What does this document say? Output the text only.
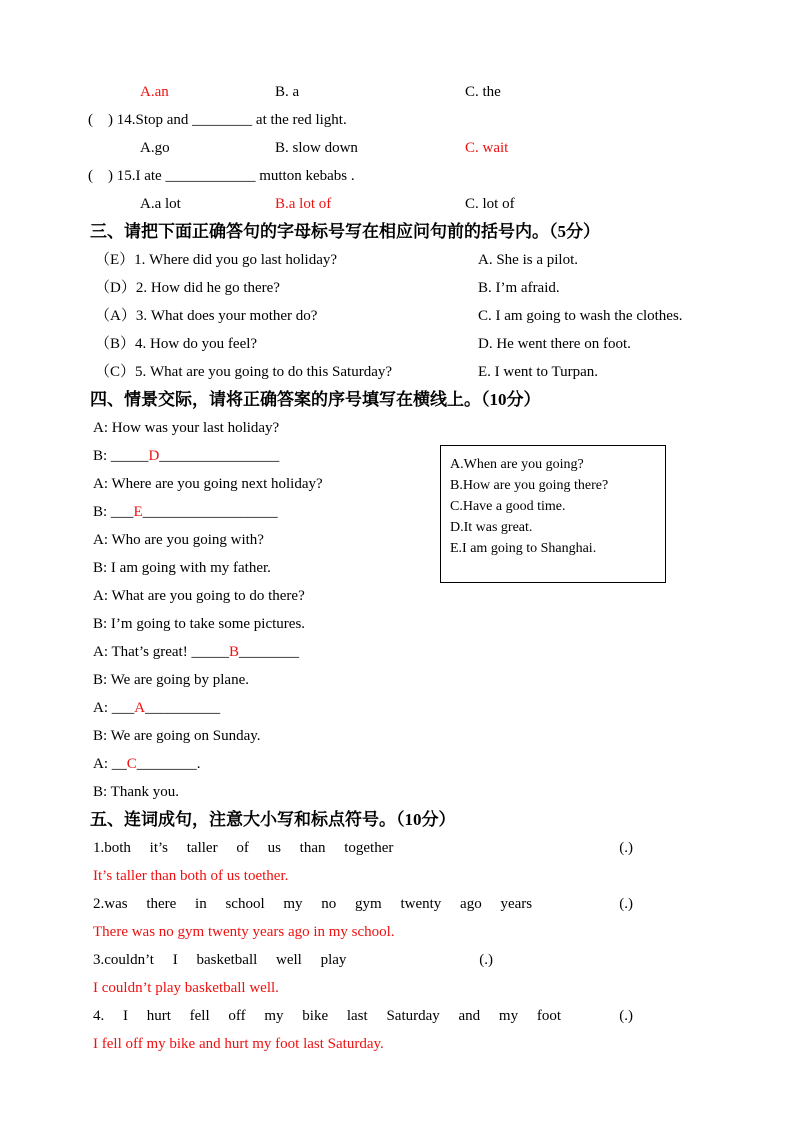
A.an	B. a	C. the
(    ) 14.Stop and ________ at the red light.
A.go	B. slow down	C. wait
(    ) 15.I ate ____________ mutton kebabs .
A.a lot	B.a lot of	C. lot of
三、请把下面正确答句的字母标号写在相应问句前的括号内。（5分）
（E）1. Where did you go last holiday?	A. She is a pilot.
（D）2. How did he go there?	B. I’m afraid.
（A）3. What does your mother do?	C. I am going to wash the clothes.
（B）4. How do you feel?	D. He went there on foot.
（C）5. What are you going to do this Saturday?	E. I went to Turpan.
四、情景交际，请将正确答案的序号填写在横线上。（10分）
A: How was your last holiday?
B: _____D________________
A: Where are you going next holiday?
B: ___E__________________
A: Who are you going with?
B: I am going with my father.
A: What are you going to do there?
B: I’m going to take some pictures.
A: That’s great! _____B________
B: We are going by plane.
A: ___A__________
B: We are going on Sunday.
A: __C________.
B: Thank you.
A.When are you going?
B.How are you going there?
C.Have a good time.
D.It was great.
E.I am going to Shanghai.
五、连词成句，注意大小写和标点符号。（10分）
1.both it’s taller of us than together	(.)
It’s taller than both of us toether.
2.was there in school my no gym twenty ago years	(.)
There was no gym twenty years ago in my school.
3.couldn’t I basketball well play	(.)
I couldn’t play basketball well.
4. I hurt fell off my bike last Saturday and my foot	(.)
I fell off my bike and hurt my foot last Saturday.
